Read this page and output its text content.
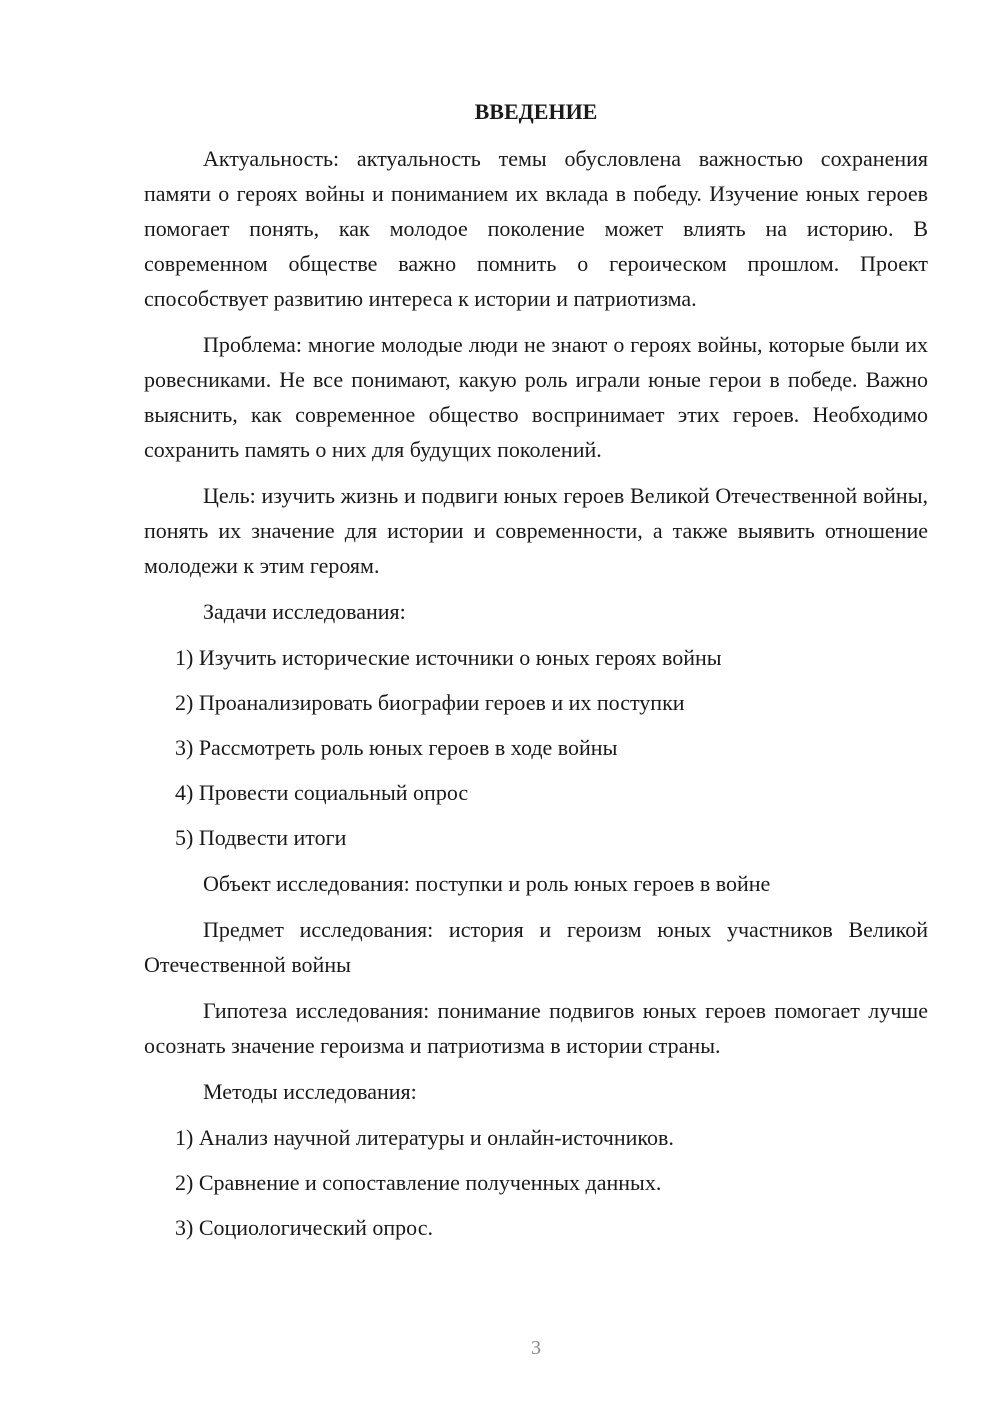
ВВЕДЕНИЕ

Актуальность: актуальность темы обусловлена важностью сохранения памяти о героях войны и пониманием их вклада в победу. Изучение юных героев помогает понять, как молодое поколение может влиять на историю. В современном обществе важно помнить о героическом прошлом. Проект способствует развитию интереса к истории и патриотизма.

Проблема: многие молодые люди не знают о героях войны, которые были их ровесниками. Не все понимают, какую роль играли юные герои в победе. Важно выяснить, как современное общество воспринимает этих героев. Необходимо сохранить память о них для будущих поколений.

Цель: изучить жизнь и подвиги юных героев Великой Отечественной войны, понять их значение для истории и современности, а также выявить отношение молодежи к этим героям.

Задачи исследования:

1) Изучить исторические источники о юных героях войны
2) Проанализировать биографии героев и их поступки
3) Рассмотреть роль юных героев в ходе войны
4) Провести социальный опрос
5) Подвести итоги

Объект исследования: поступки и роль юных героев в войне

Предмет исследования: история и героизм юных участников Великой Отечественной войны

Гипотеза исследования: понимание подвигов юных героев помогает лучше осознать значение героизма и патриотизма в истории страны.

Методы исследования:

1) Анализ научной литературы и онлайн-источников.
2) Сравнение и сопоставление полученных данных.
3) Социологический опрос.
3
